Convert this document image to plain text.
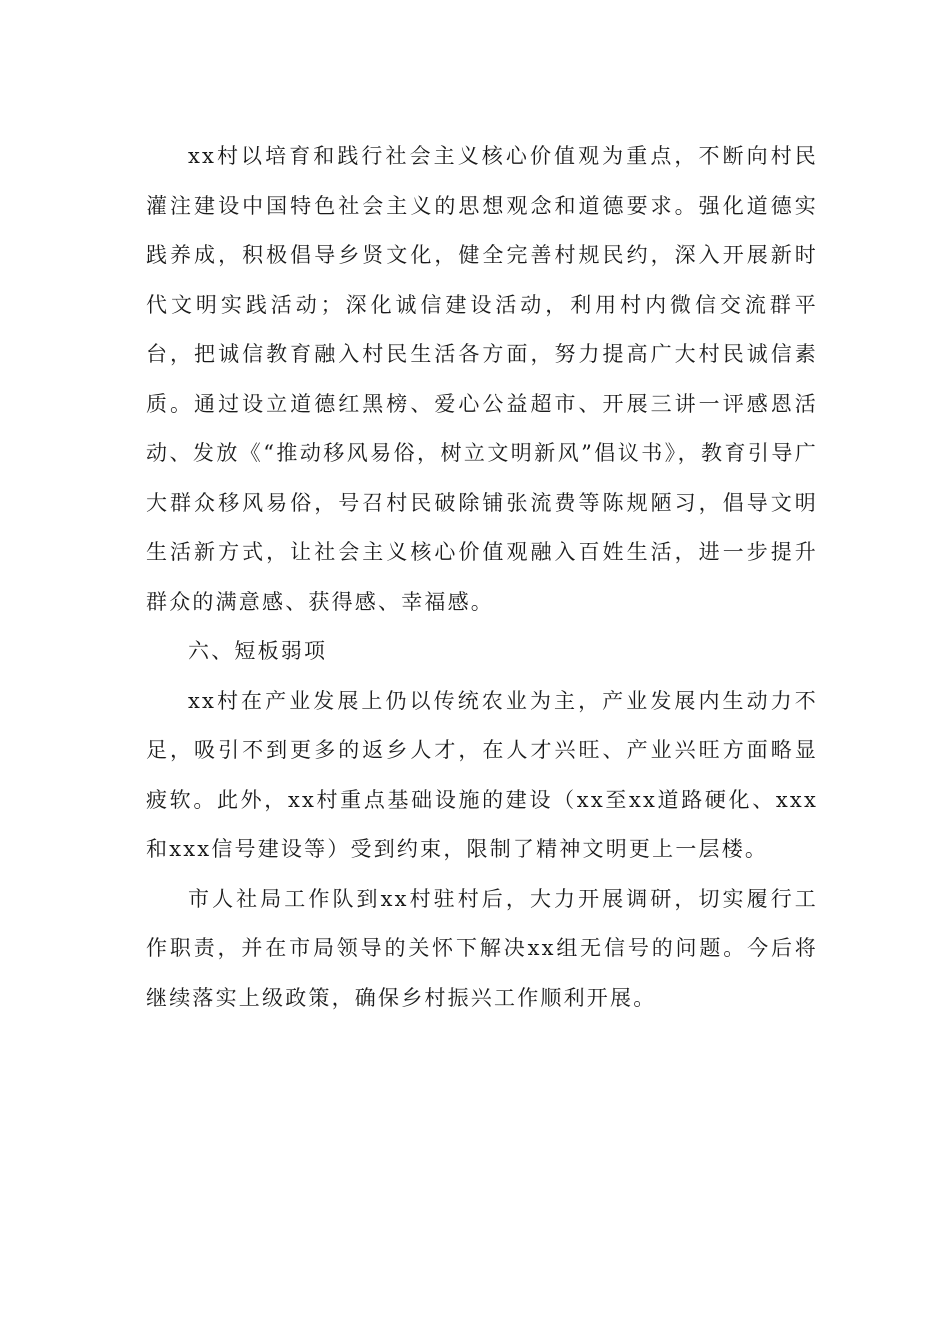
xx村以培育和践行社会主义核心价值观为重点，不断向村民灌注建设中国特色社会主义的思想观念和道德要求。强化道德实践养成，积极倡导乡贤文化，健全完善村规民约，深入开展新时代文明实践活动；深化诚信建设活动，利用村内微信交流群平台，把诚信教育融入村民生活各方面，努力提高广大村民诚信素质。通过设立道德红黑榜、爱心公益超市、开展三讲一评感恩活动、发放《“推动移风易俗，树立文明新风”倡议书》，教育引导广大群众移风易俗，号召村民破除铺张流费等陈规陋习，倡导文明生活新方式，让社会主义核心价值观融入百姓生活，进一步提升群众的满意感、获得感、幸福感。

六、短板弱项

xx村在产业发展上仍以传统农业为主，产业发展内生动力不足，吸引不到更多的返乡人才，在人才兴旺、产业兴旺方面略显疲软。此外，xx村重点基础设施的建设（xx至xx道路硬化、xxx和xxx信号建设等）受到约束，限制了精神文明更上一层楼。

市人社局工作队到xx村驻村后，大力开展调研，切实履行工作职责，并在市局领导的关怀下解决xx组无信号的问题。今后将继续落实上级政策，确保乡村振兴工作顺利开展。
